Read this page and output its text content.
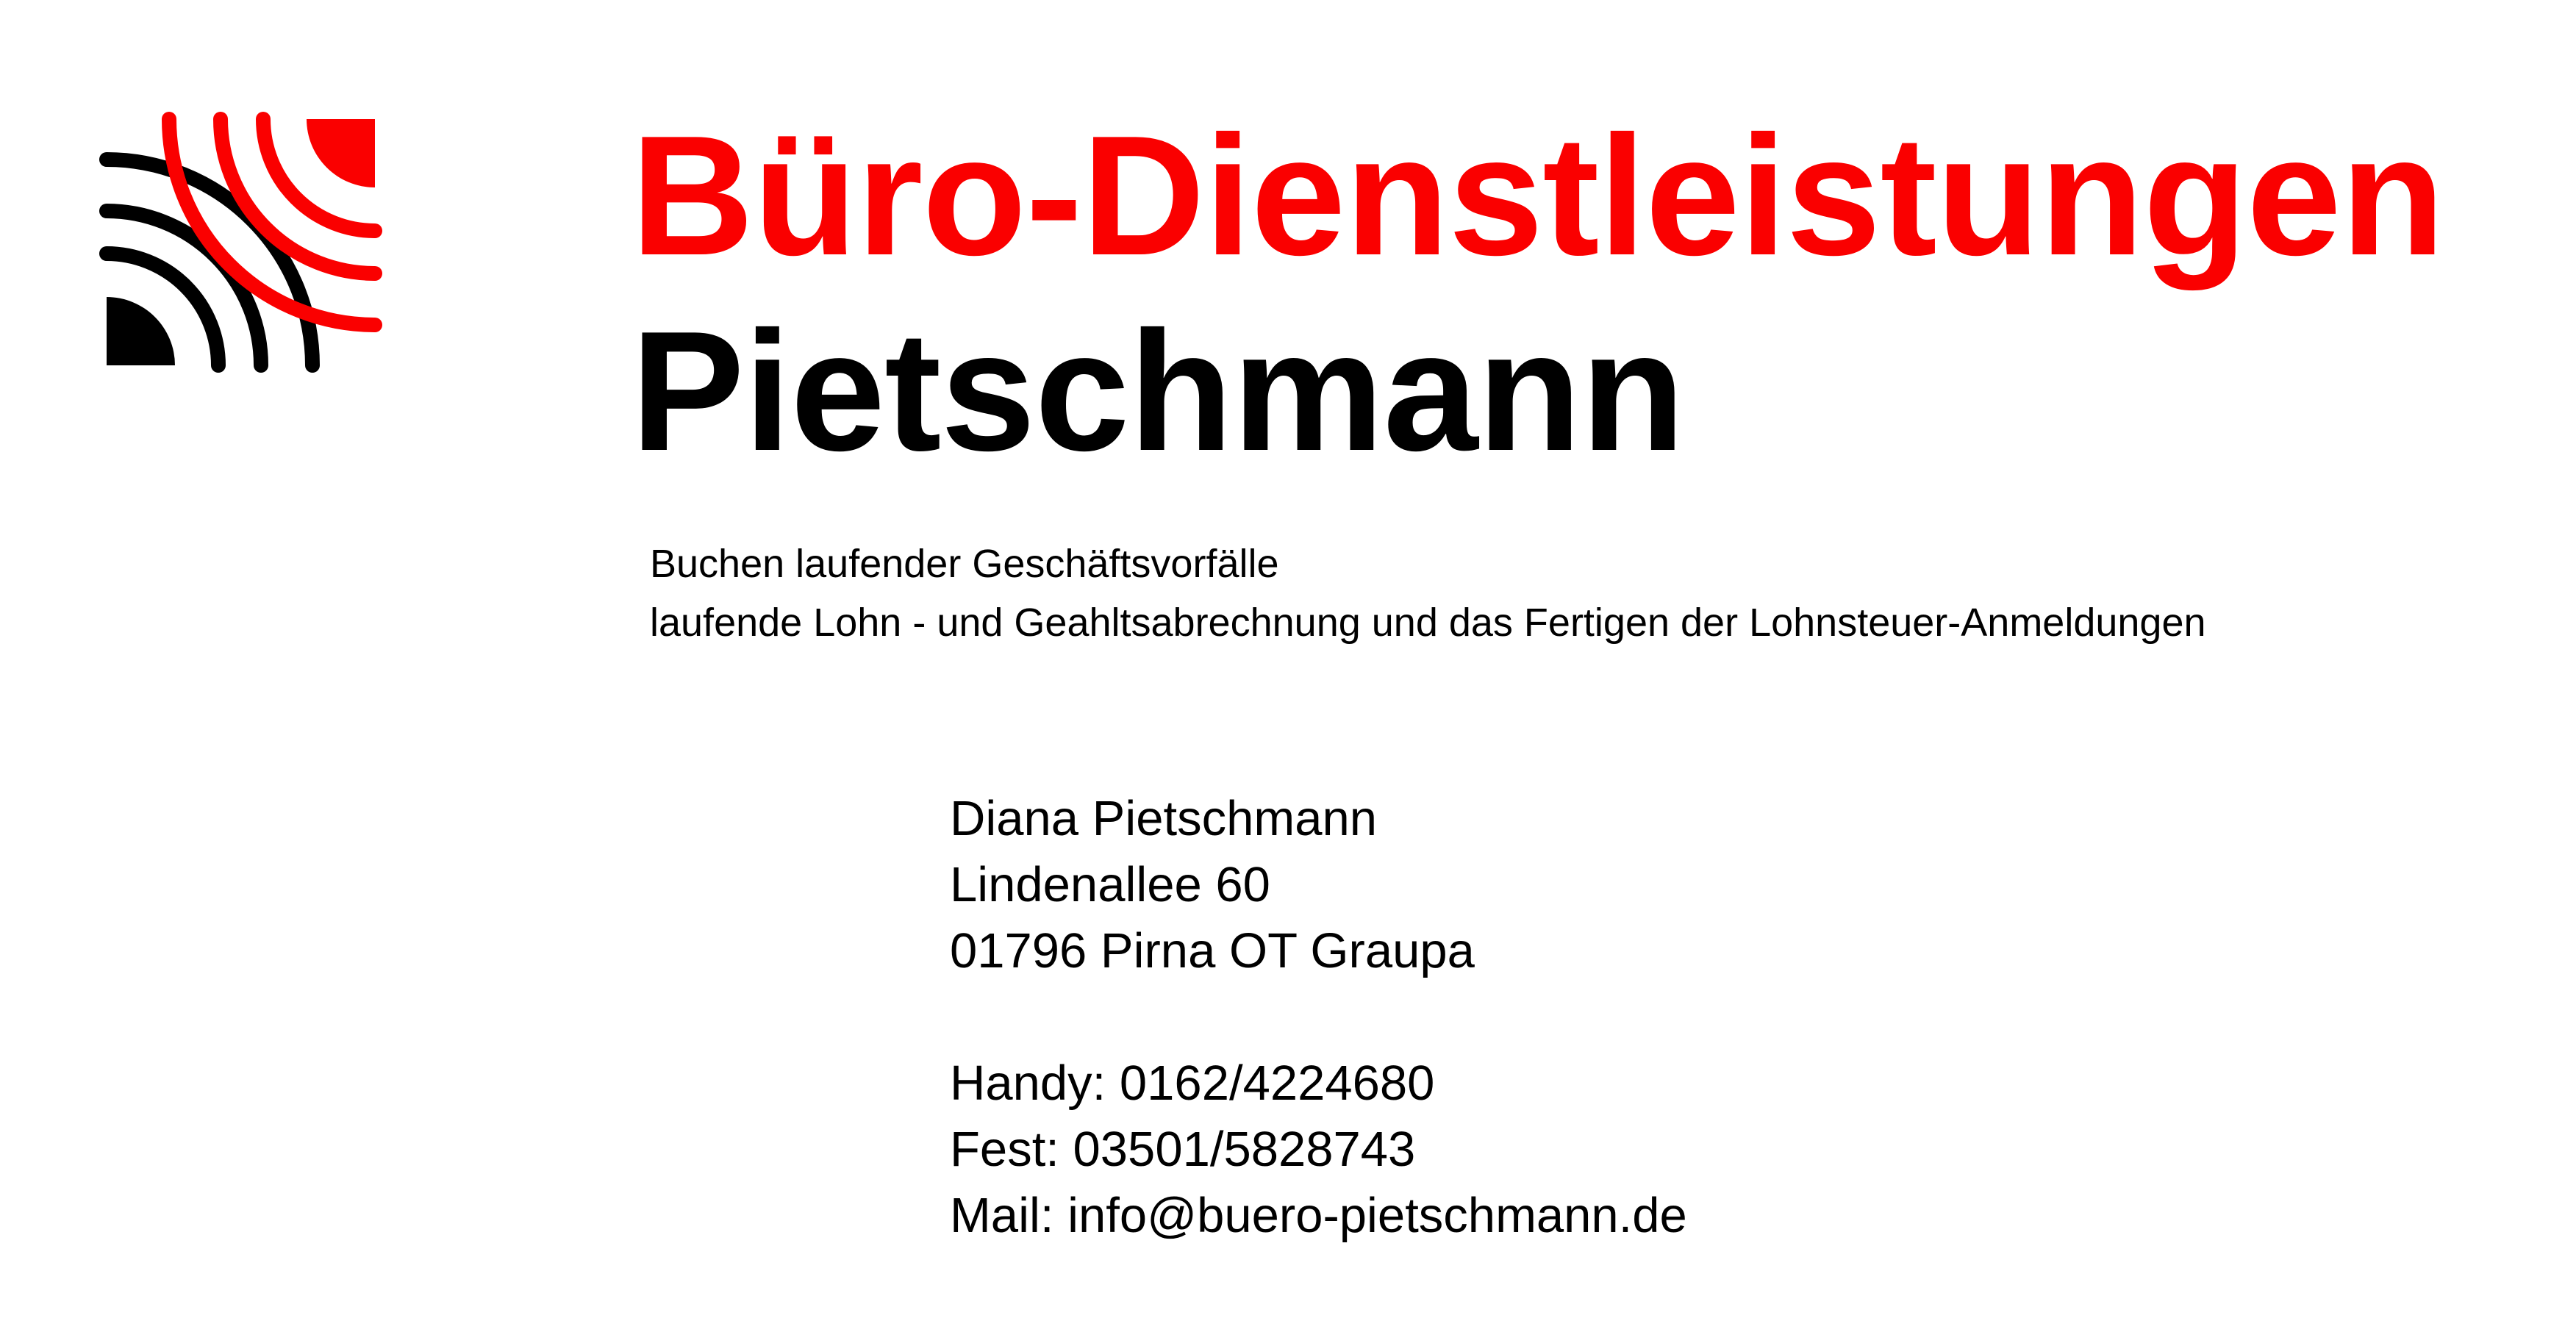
Büro-Dienstleistungen
Pietschmann
Buchen laufender Geschäftsvorfälle
laufende Lohn - und Geahltsabrechnung und das Fertigen der Lohnsteuer-Anmeldungen
Diana Pietschmann
Lindenallee 60
01796 Pirna OT Graupa
Handy: 0162/4224680
Fest: 03501/5828743
Mail: info@buero-pietschmann.de
